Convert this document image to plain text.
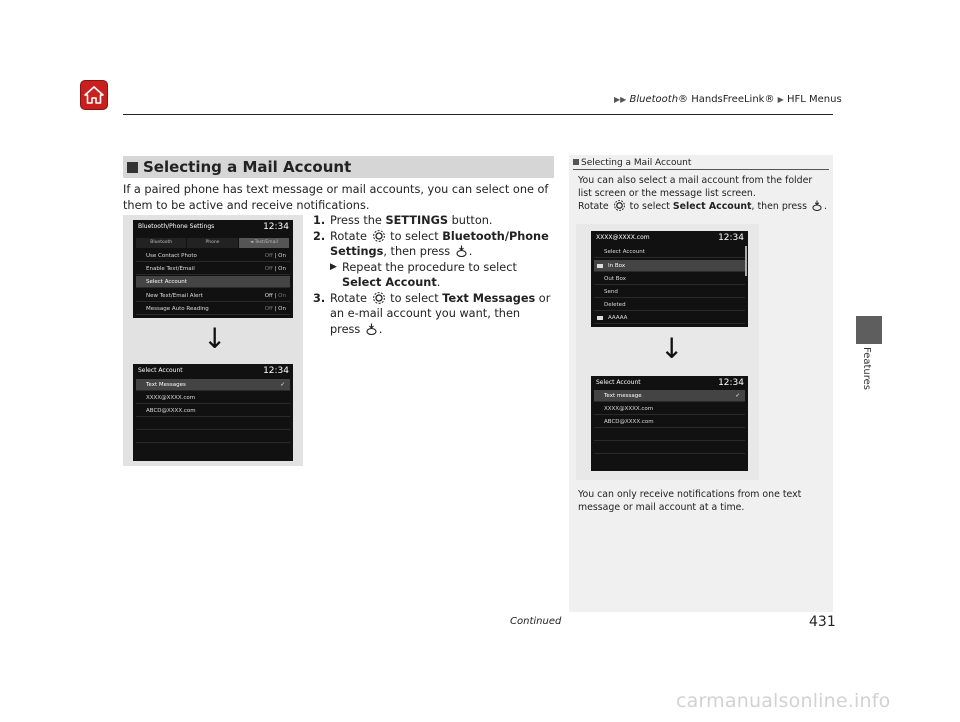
▶▶ Bluetooth® HandsFreeLink® ▶ HFL Menus
Features
Selecting a Mail Account
If a paired phone has text message or mail accounts, you can select one of them to be active and receive notifications.
Bluetooth/Phone Settings	12:34
Bluetooth	Phone	◄ Text/Email
Use Contact Photo	Off | On
Enable Text/Email	Off | On
Select Account
New Text/Email Alert	Off | On
Message Auto Reading	Off | On
↓
Select Account	12:34
Text Messages	✓
XXXX@XXXX.com
ABCD@XXXX.com
1. Press the SETTINGS button.
2. Rotate  to select Bluetooth/Phone Settings, then press .
▶ Repeat the procedure to select Select Account.
3. Rotate  to select Text Messages or an e-mail account you want, then press .
Selecting a Mail Account
You can also select a mail account from the folder list screen or the message list screen.
Rotate  to select Select Account, then press .
XXXX@XXXX.com	12:34
Select Account
In Box
Out Box
Send
Deleted
AAAAA
↓
Select Account	12:34
Text message	✓
XXXX@XXXX.com
ABCD@XXXX.com
You can only receive notifications from one text message or mail account at a time.
Continued	431
carmanualsonline.info
